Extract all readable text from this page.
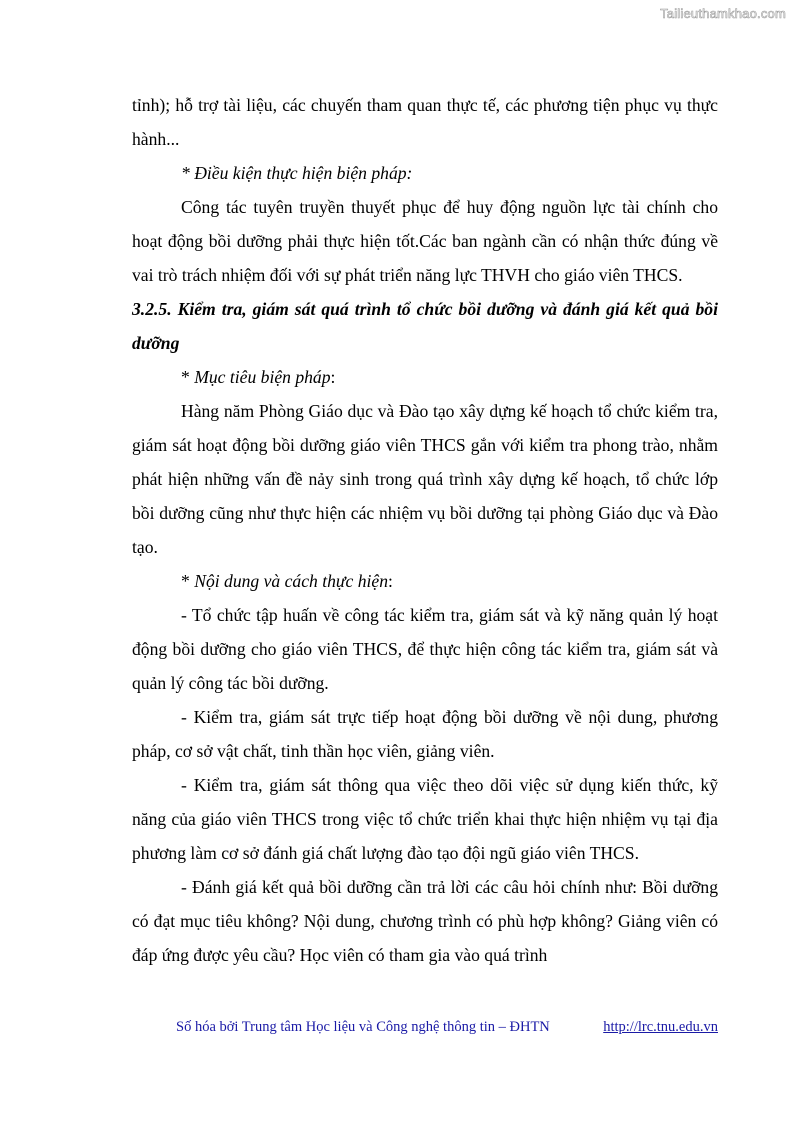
Tailieuthamkhao.com

tỉnh); hỗ trợ tài liệu, các chuyến tham quan thực tế, các phương tiện phục vụ thực hành...

* Điều kiện thực hiện biện pháp:

Công tác tuyên truyền thuyết phục để huy động nguồn lực tài chính cho hoạt động bồi dưỡng phải thực hiện tốt.Các ban ngành cần có nhận thức đúng về vai trò trách nhiệm đối với sự phát triển năng lực THVH cho giáo viên THCS.

3.2.5. Kiểm tra, giám sát quá trình tổ chức bồi dưỡng và đánh giá kết quả bồi dưỡng

* Mục tiêu biện pháp:

Hàng năm Phòng Giáo dục và Đào tạo xây dựng kế hoạch tổ chức kiểm tra, giám sát hoạt động bồi dưỡng giáo viên THCS gắn với kiểm tra phong trào, nhằm phát hiện những vấn đề nảy sinh trong quá trình xây dựng kế hoạch, tổ chức lớp bồi dưỡng cũng như thực hiện các nhiệm vụ bồi dưỡng tại phòng Giáo dục và Đào tạo.

* Nội dung và cách thực hiện:

- Tổ chức tập huấn về công tác kiểm tra, giám sát và kỹ năng quản lý hoạt động bồi dưỡng cho giáo viên THCS, để thực hiện công tác kiểm tra, giám sát và quản lý công tác bồi dưỡng.

- Kiểm tra, giám sát trực tiếp hoạt động bồi dưỡng về nội dung, phương pháp, cơ sở vật chất, tinh thần học viên, giảng viên.

- Kiểm tra, giám sát thông qua việc theo dõi việc sử dụng kiến thức, kỹ năng của giáo viên THCS trong việc tổ chức triển khai thực hiện nhiệm vụ tại địa phương làm cơ sở đánh giá chất lượng đào tạo đội ngũ giáo viên THCS.

- Đánh giá kết quả bồi dưỡng cần trả lời các câu hỏi chính như: Bồi dưỡng có đạt mục tiêu không? Nội dung, chương trình có phù hợp không? Giảng viên có đáp ứng được yêu cầu? Học viên có tham gia vào quá trình

Số hóa bởi Trung tâm Học liệu và Công nghệ thông tin – ĐHTN	http://lrc.tnu.edu.vn
